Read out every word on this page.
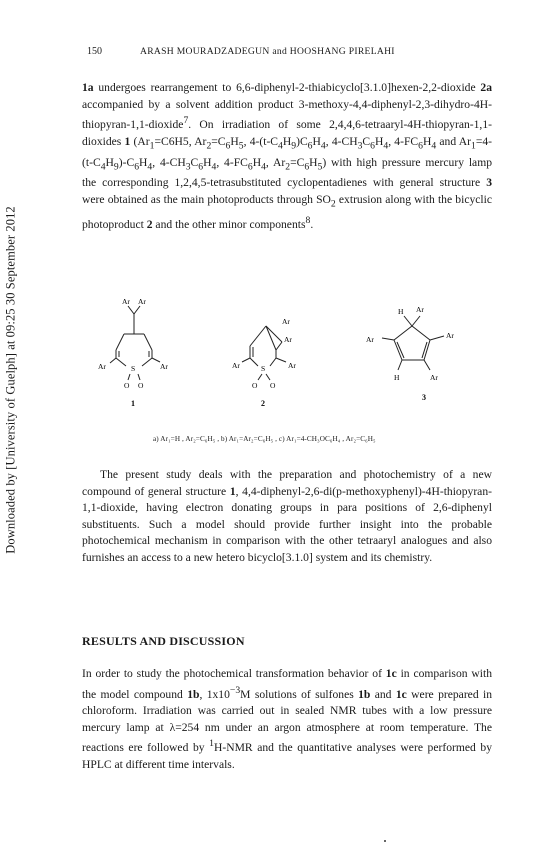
Downloaded by [University of Guelph] at 09:25 30 September 2012
150	ARASH MOURADZADEGUN and HOOSHANG PIRELAHI
1a undergoes rearrangement to 6,6-diphenyl-2-thiabicyclo[3.1.0]hexen-2,2-dioxide 2a accompanied by a solvent addition product 3-methoxy-4,4-diphenyl-2,3-dihydro-4H-thiopyran-1,1-dioxide$^7$. On irradiation of some 2,4,4,6-tetraaryl-4H-thiopyran-1,1-dioxides 1 ($Ar_1=C6H5$, $Ar_2=C_6H_5$, $4-(t-C_4H_9)C_6H_4$, $4-CH_3C_6H_4$, $4-FC_6H_4$ and $Ar_1=4-(t-C_4H_9)-C_6H_4$, $4-CH_3C_6H_4$, $4-FC_6H_4$, $Ar_2=C_6H_5$) with high pressure mercury lamp the corresponding 1,2,4,5-tetrasubstituted cyclopentadienes with general structure 3 were obtained as the main photoproducts through $SO_2$ extrusion along with the bicyclic photoproduct 2 and the other minor components$^8$.
Ar Ar
Ar	Ar
S
O O
1
Ar
Ar
Ar	Ar
S
O O
2
H Ar
Ar	Ar
H	Ar
3
a) Ar₁=H , Ar₂=C₆H₅ , b) Ar₁=Ar₂=C₆H₅ , c) Ar₁=4-CH₃OC₆H₄ , Ar₂=C₆H₅
The present study deals with the preparation and photochemistry of a new compound of general structure 1, 4,4-diphenyl-2,6-di(p-methoxyphenyl)-4H-thiopyran-1,1-dioxide, having electron donating groups in para positions of 2,6-diphenyl substituents. Such a model should provide further insight into the probable photochemical mechanism in comparison with the other tetraaryl analogues and also furnishes an access to a new hetero bicyclo[3.1.0] system and its chemistry.
RESULTS AND DISCUSSION
In order to study the photochemical transformation behavior of 1c in comparison with the model compound 1b, $1x10^{-3}M$ solutions of sulfones 1b and 1c were prepared in chloroform. Irradiation was carried out in sealed NMR tubes with a low pressure mercury lamp at λ=254 nm under an argon atmosphere at room temperature. The reactions ere followed by $^1$H-NMR and the quantitative analyses were performed by HPLC at different time intervals.
